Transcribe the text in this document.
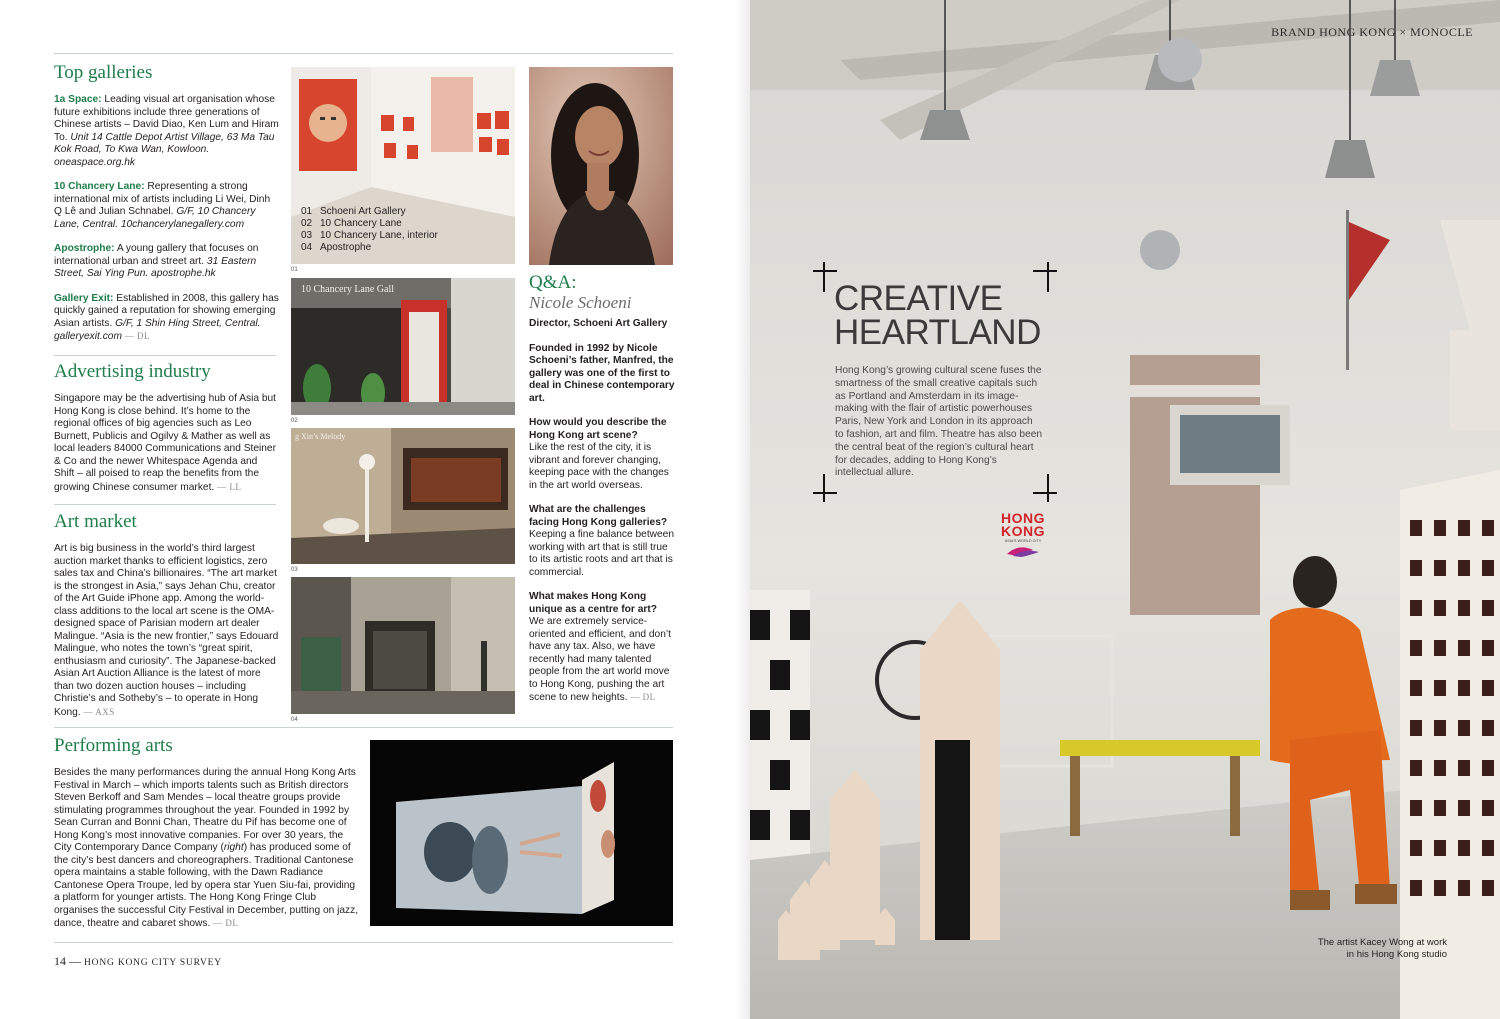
Top galleries

1a Space: Leading visual art organisation whose future exhibitions include three generations of Chinese artists – David Diao, Ken Lum and Hiram To. Unit 14 Cattle Depot Artist Village, 63 Ma Tau Kok Road, To Kwa Wan, Kowloon. oneaspace.org.hk

10 Chancery Lane: Representing a strong international mix of artists including Li Wei, Dinh Q Lê and Julian Schnabel. G/F, 10 Chancery Lane, Central. 10chancerylanegallery.com

Apostrophe: A young gallery that focuses on international urban and street art. 31 Eastern Street, Sai Ying Pun. apostrophe.hk

Gallery Exit: Established in 2008, this gallery has quickly gained a reputation for showing emerging Asian artists. G/F, 1 Shin Hing Street, Central. galleryexit.com — DL

Advertising industry
Singapore may be the advertising hub of Asia but Hong Kong is close behind. It’s home to the regional offices of big agencies such as Leo Burnett, Publicis and Ogilvy & Mather as well as local leaders 84000 Communications and Steiner & Co and the newer Whitespace Agenda and Shift – all poised to reap the benefits from the growing Chinese consumer market. — LL
Art market
Art is big business in the world’s third largest auction market thanks to efficient logistics, zero sales tax and China’s billionaires. “The art market is the strongest in Asia,” says Jehan Chu, creator of the Art Guide iPhone app. Among the world-class additions to the local art scene is the OMA-designed space of Parisian modern art dealer Malingue. “Asia is the new frontier,” says Edouard Malingue, who notes the town’s “great spirit, enthusiasm and curiosity”. The Japanese-backed Asian Art Auction Alliance is the latest of more than two dozen auction houses – including Christie’s and Sotheby’s – to operate in Hong Kong. — AXS
01 Schoeni Art Gallery
02 10 Chancery Lane
03 10 Chancery Lane, interior
04 Apostrophe
01
10 Chancery Lane Gall
02
g Xin’s Melody
03
04
Q&A:
Nicole Schoeni

Director, Schoeni Art Gallery

Founded in 1992 by Nicole Schoeni’s father, Manfred, the gallery was one of the first to deal in Chinese contemporary art.

How would you describe the Hong Kong art scene?
Like the rest of the city, it is vibrant and forever changing, keeping pace with the changes in the art world overseas.

What are the challenges facing Hong Kong galleries?
Keeping a fine balance between working with art that is still true to its artistic roots and art that is commercial.

What makes Hong Kong unique as a centre for art?
We are extremely service-oriented and efficient, and don’t have any tax. Also, we have recently had many talented people from the art world move to Hong Kong, pushing the art scene to new heights. — DL

Performing arts
Besides the many performances during the annual Hong Kong Arts Festival in March – which imports talents such as British directors Steven Berkoff and Sam Mendes – local theatre groups provide stimulating programmes throughout the year. Founded in 1992 by Sean Curran and Bonni Chan, Theatre du Pif has become one of Hong Kong’s most innovative companies. For over 30 years, the City Contemporary Dance Company (right) has produced some of the city’s best dancers and choreographers. Traditional Cantonese opera maintains a stable following, with the Dawn Radiance Cantonese Opera Troupe, led by opera star Yuen Siu-fai, providing a platform for younger artists. The Hong Kong Fringe Club organises the successful City Festival in December, putting on jazz, dance, theatre and cabaret shows. — DL
14 — HONG KONG CITY SURVEY
BRAND HONG KONG × MONOCLE
CREATIVE
HEARTLAND
Hong Kong’s growing cultural scene fuses the smartness of the small creative capitals such as Portland and Amsterdam in its image-making with the flair of artistic powerhouses Paris, New York and London in its approach to fashion, art and film. Theatre has also been the central beat of the region’s cultural heart for decades, adding to Hong Kong’s intellectual allure.
HONG
KONG
ASIA’S WORLD CITY
The artist Kacey Wong at work
in his Hong Kong studio
